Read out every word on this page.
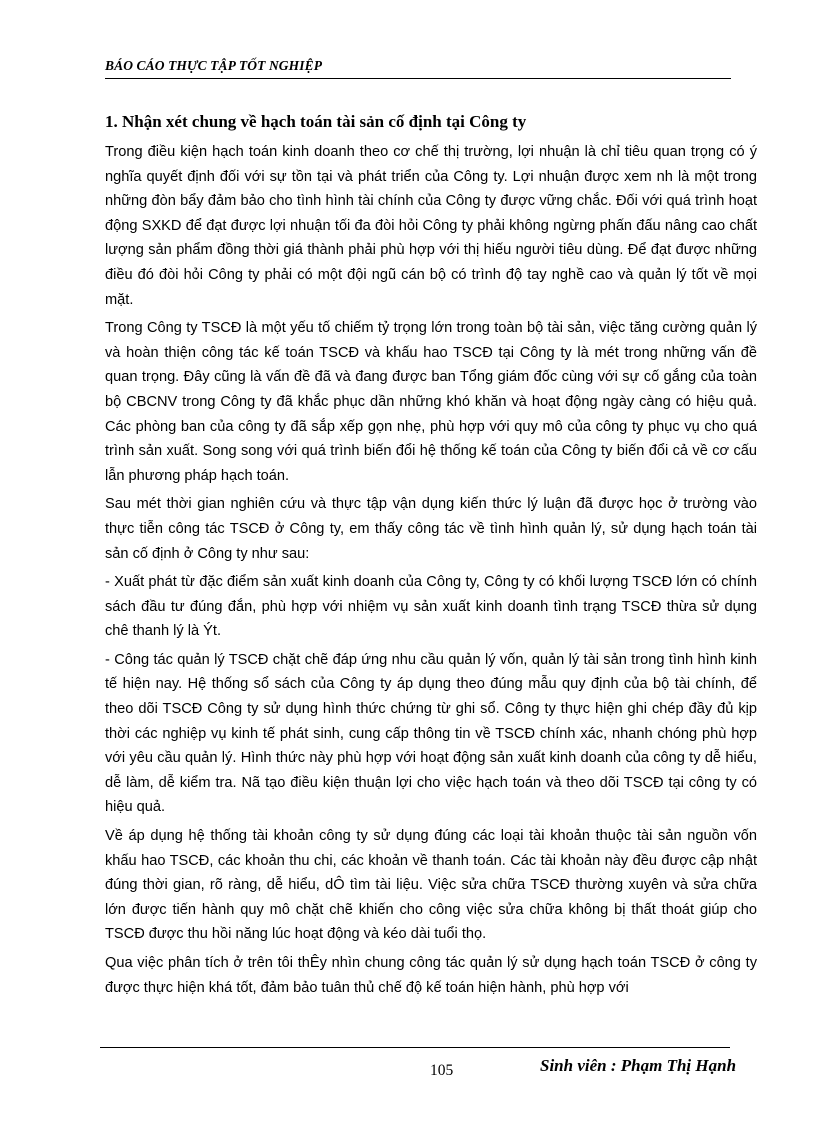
BÁO CÁO THỰC TẬP TỐT NGHIỆP
1. Nhận xét chung về hạch toán tài sản cố định tại Công ty

Trong điều kiện hạch toán kinh doanh theo cơ chế thị trường, lợi nhuận là chỉ tiêu quan trọng có ý nghĩa quyết định đối với sự tồn tại và phát triển của Công ty. Lợi nhuận được xem nh là một trong những đòn bẩy đảm bảo cho tình hình tài chính của Công ty được vững chắc. Đối với quá trình hoạt động SXKD để đạt được lợi nhuận tối đa đòi hỏi Công ty phải không ngừng phấn đấu nâng cao chất lượng sản phẩm đồng thời giá thành phải phù hợp với thị hiếu người tiêu dùng. Để đạt được những điều đó đòi hỏi Công ty phải có một đội ngũ cán bộ có trình độ tay nghề cao và quản lý tốt về mọi mặt.

Trong Công ty TSCĐ là một yếu tố chiếm tỷ trọng lớn trong toàn bộ tài sản, việc tăng cường quản lý và hoàn thiện công tác kế toán TSCĐ và khấu hao TSCĐ tại Công ty là mét trong những vấn đề quan trọng. Đây cũng là vấn đề đã và đang được ban Tổng giám đốc cùng với sự cố gắng của toàn bộ CBCNV trong Công ty đã khắc phục dần những khó khăn và hoạt động ngày càng có hiệu quả. Các phòng ban của công ty đã sắp xếp gọn nhẹ, phù hợp với quy mô của công ty phục vụ cho quá trình sản xuất. Song song với quá trình biến đổi hệ thống kế toán của Công ty biến đổi cả về cơ cấu lẫn phương pháp hạch toán.

Sau mét thời gian nghiên cứu và thực tập vận dụng kiến thức lý luận đã được học ở trường vào thực tiễn công tác TSCĐ ở Công ty, em thấy công tác về tình hình quản lý, sử dụng hạch toán tài sản cố định ở Công ty như sau:

- Xuất phát từ đặc điểm sản xuất kinh doanh của Công ty, Công ty có khối lượng TSCĐ lớn có chính sách đầu tư đúng đắn, phù hợp với nhiệm vụ sản xuất kinh doanh tình trạng TSCĐ thừa sử dụng chê thanh lý là Ýt.

- Công tác quản lý TSCĐ chặt chẽ đáp ứng nhu cầu quản lý vốn, quản lý tài sản trong tình hình kinh tế hiện nay. Hệ thống sổ sách của Công ty áp dụng theo đúng mẫu quy định của bộ tài chính, để theo dõi TSCĐ Công ty sử dụng hình thức chứng từ ghi sổ. Công ty thực hiện ghi chép đầy đủ kịp thời các nghiệp vụ kinh tế phát sinh, cung cấp thông tin về TSCĐ chính xác, nhanh chóng phù hợp với yêu cầu quản lý. Hình thức này phù hợp với hoạt động sản xuất kinh doanh của công ty dễ hiểu, dễ làm, dễ kiểm tra. Nã tạo điều kiện thuận lợi cho việc hạch toán và theo dõi TSCĐ tại công ty có hiệu quả.

Về áp dụng hệ thống tài khoản công ty sử dụng đúng các loại tài khoản thuộc tài sản nguồn vốn khấu hao TSCĐ, các khoản thu chi, các khoản về thanh toán. Các tài khoản này đều được cập nhật đúng thời gian, rõ ràng, dễ hiểu, dÔ tìm tài liệu. Việc sửa chữa TSCĐ thường xuyên và sửa chữa lớn được tiến hành quy mô chặt chẽ khiến cho công việc sửa chữa không bị thất thoát giúp cho TSCĐ được thu hồi năng lúc hoạt động và kéo dài tuổi thọ.

Qua việc phân tích ở trên tôi thÊy nhìn chung công tác quản lý sử dụng hạch toán TSCĐ ở công ty được thực hiện khá tốt, đảm bảo tuân thủ chế độ kế toán hiện hành, phù hợp với

105	Sinh viên : Phạm Thị Hạnh
